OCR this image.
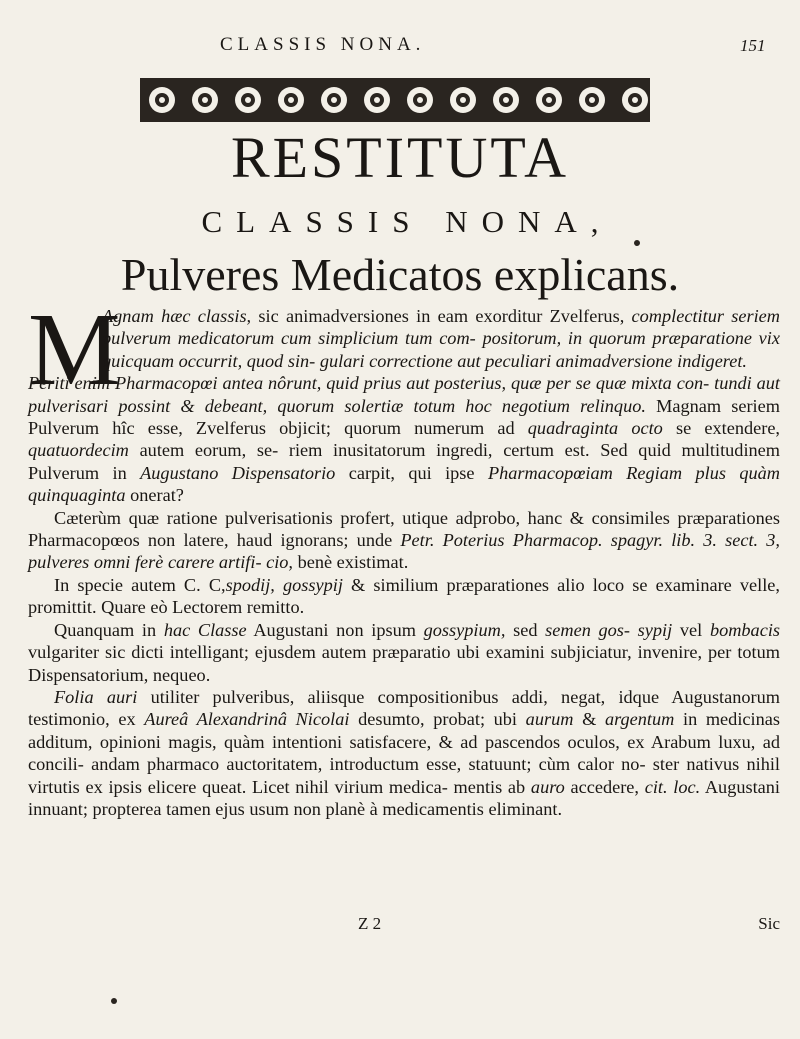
CLASSIS NONA.	151
RESTITUTA
CLASSIS NONA,
Pulveres Medicatos explicans.
M

Agnam hæc classis, sic animadversiones in eam exorditur Zvelferus, complectitur seriem pulverum medicatorum cum simplicium tum com- positorum, in quorum præparatione vix quicquam occurrit, quod sin- gulari correctione aut peculiari animadversione indigeret.

Periti enim Pharmacopœi antea nôrunt, quid prius aut posterius, quæ per se quæ mixta con- tundi aut pulverisari possint & debeant, quorum solertiæ totum hoc negotium relinquo. Magnam seriem Pulverum hîc esse, Zvelferus objicit; quorum numerum ad quadraginta octo se extendere, quatuordecim autem eorum, se- riem inusitatorum ingredi, certum est. Sed quid multitudinem Pulverum in Augustano Dispensatorio carpit, qui ipse Pharmacopœiam Regiam plus quàm quinquaginta onerat?

Cæterùm quæ ratione pulverisationis profert, utique adprobo, hanc & consimiles præparationes Pharmacopœos non latere, haud ignorans; unde Petr. Poterius Pharmacop. spagyr. lib. 3. sect. 3, pulveres omni ferè carere artifi- cio, benè existimat.

In specie autem C. C,spodij, gossypij & similium præparationes alio loco se examinare velle, promittit. Quare eò Lectorem remitto.

Quanquam in hac Classe Augustani non ipsum gossypium, sed semen gos- sypij vel bombacis vulgariter sic dicti intelligant; ejusdem autem præparatio ubi examini subjiciatur, invenire, per totum Dispensatorium, nequeo.

Folia auri utiliter pulveribus, aliisque compositionibus addi, negat, idque Augustanorum testimonio, ex Aureâ Alexandrinâ Nicolai desumto, probat; ubi aurum & argentum in medicinas additum, opinioni magis, quàm intentioni satisfacere, & ad pascendos oculos, ex Arabum luxu, ad concili- andam pharmaco auctoritatem, introductum esse, statuunt; cùm calor no- ster nativus nihil virtutis ex ipsis elicere queat. Licet nihil virium medica- mentis ab auro accedere, cit. loc. Augustani innuant; propterea tamen ejus usum non planè à medicamentis eliminant.

Z 2	Sic
